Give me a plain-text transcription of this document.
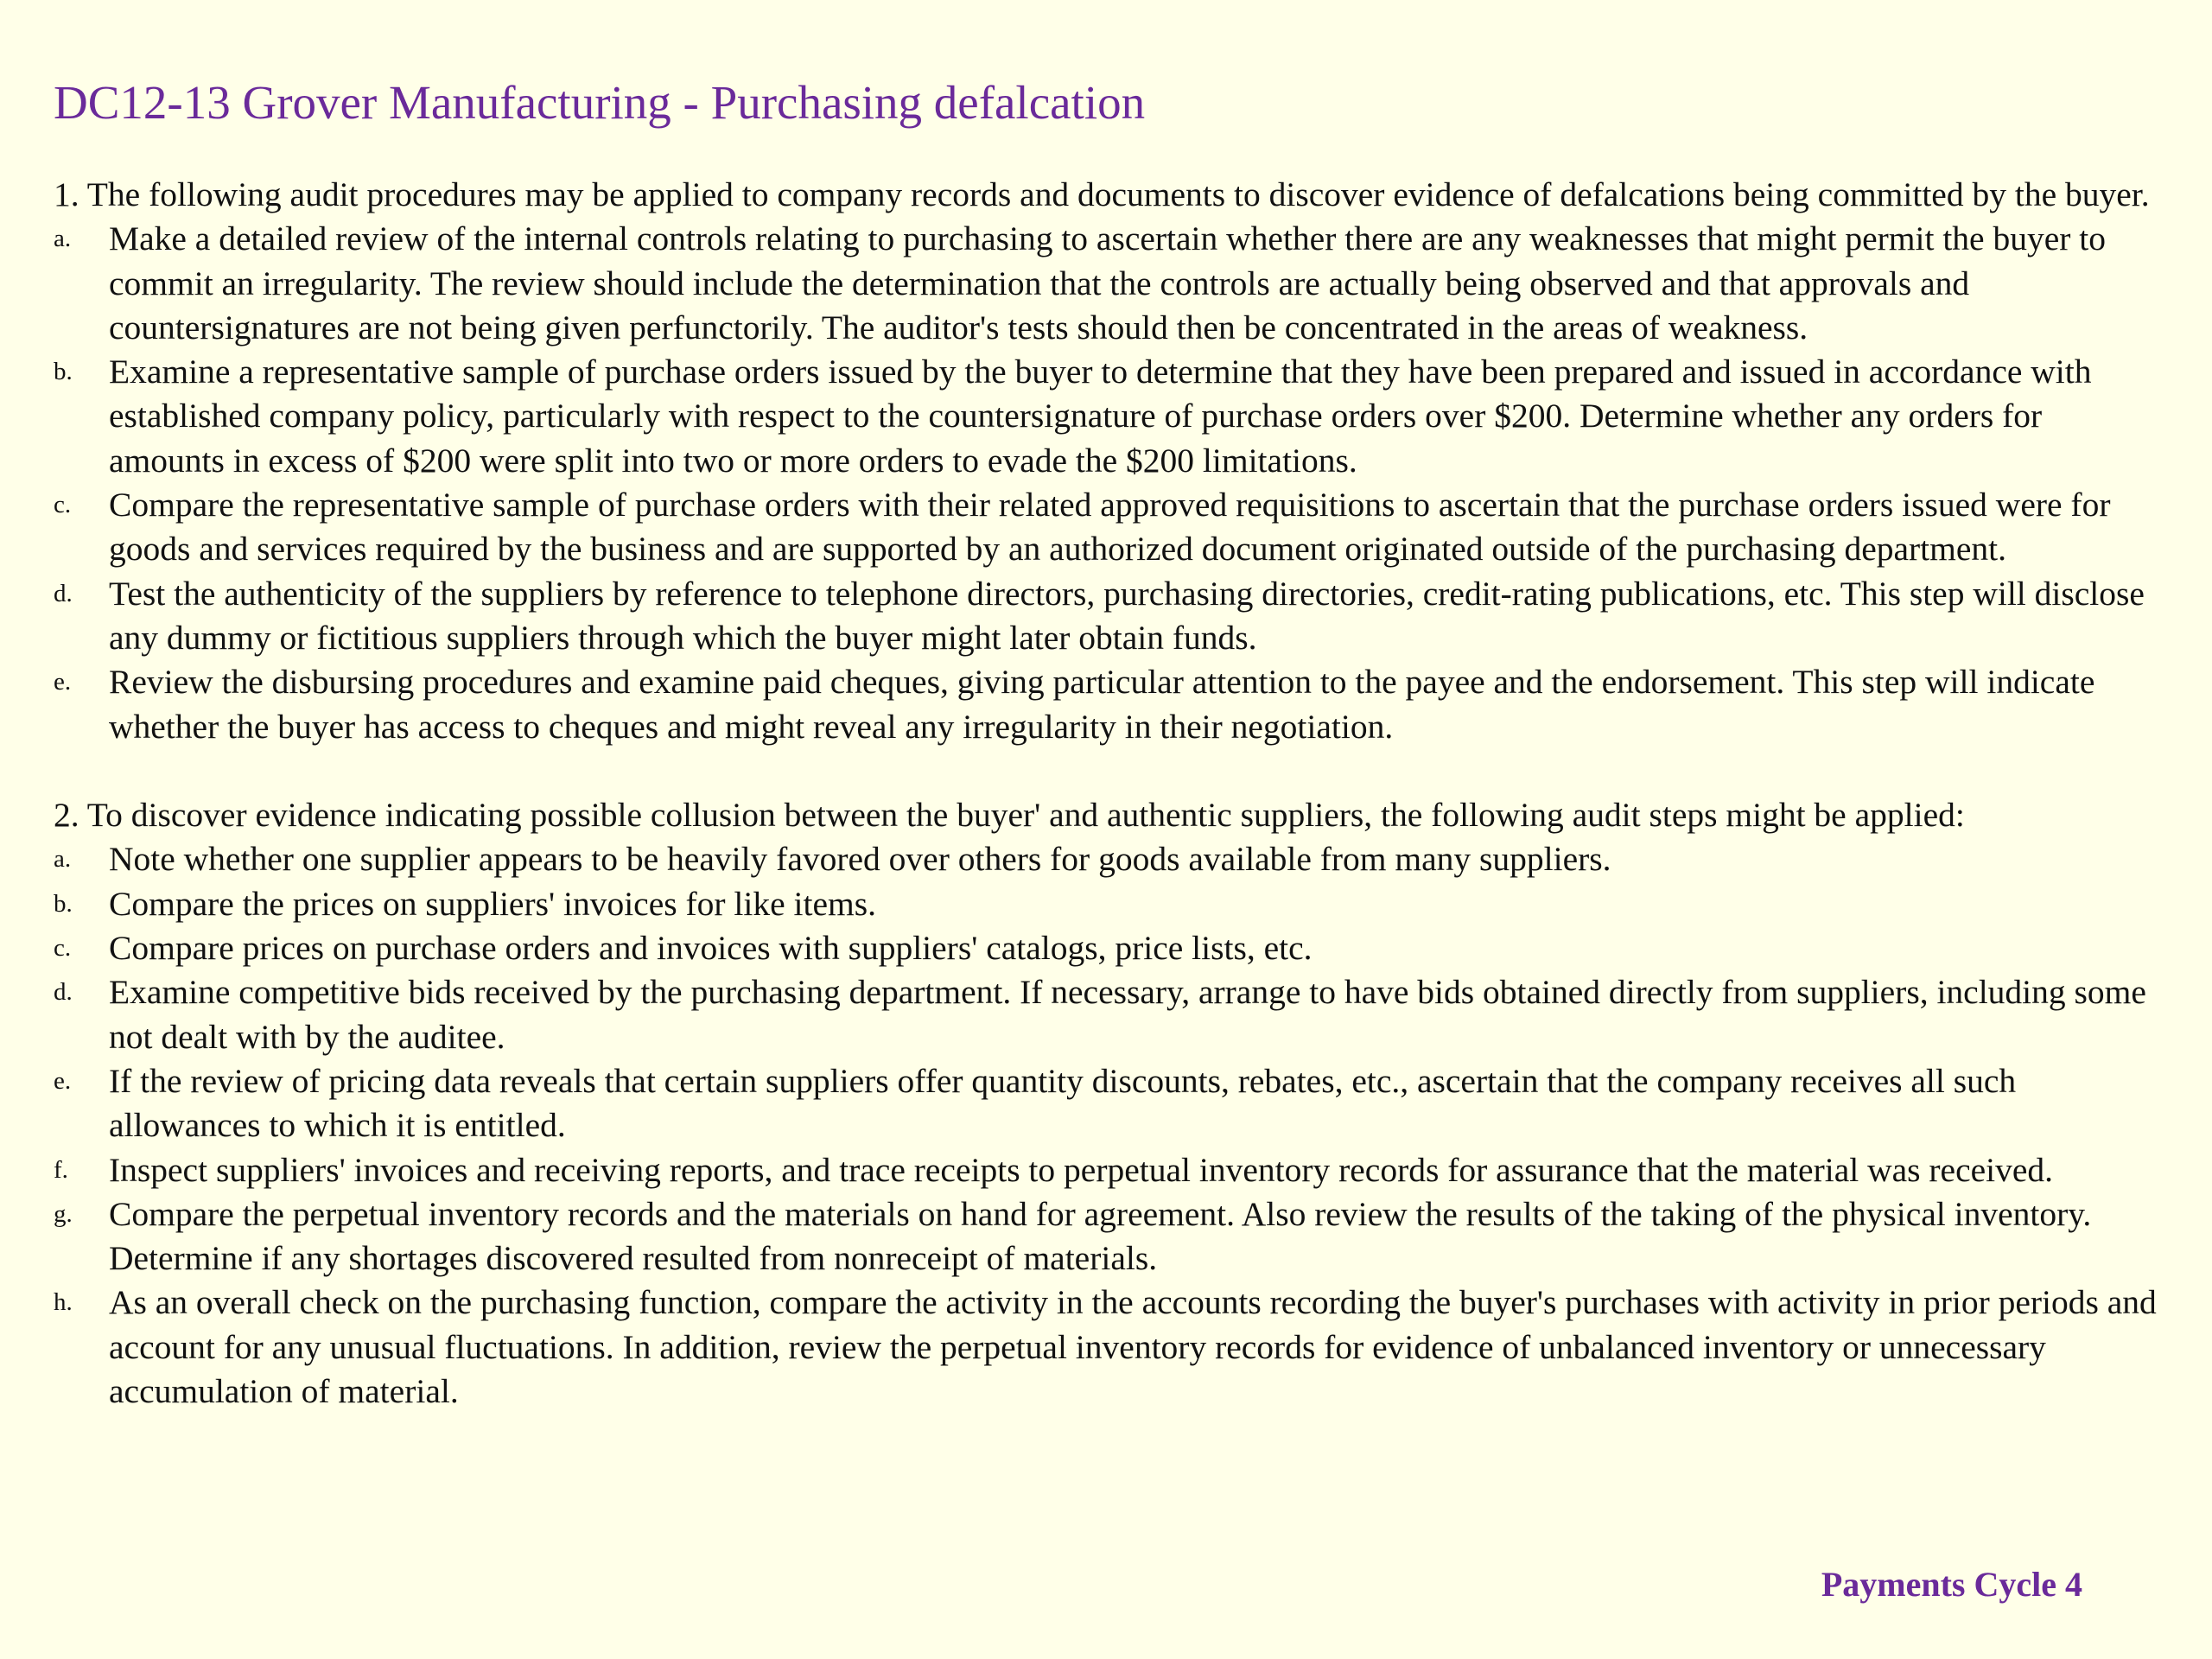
DC12-13 Grover Manufacturing - Purchasing defalcation

1. The following audit procedures may be applied to company records and documents to discover evidence of defalcations being committed by the buyer.

a. Make a detailed review of the internal controls relating to purchasing to ascertain whether there are any weaknesses that might permit the buyer to commit an irregularity. The review should include the determination that the controls are actually being observed and that approvals and countersignatures are not being given perfunctorily. The auditor's tests should then be concentrated in the areas of weakness.
b. Examine a representative sample of purchase orders issued by the buyer to determine that they have been prepared and issued in accordance with established company policy, particularly with respect to the countersignature of purchase orders over $200. Determine whether any orders for amounts in excess of $200 were split into two or more orders to evade the $200 limitations.
c. Compare the representative sample of purchase orders with their related approved requisitions to ascertain that the purchase orders issued were for goods and services required by the business and are supported by an authorized document originated outside of the purchasing department.
d. Test the authenticity of the suppliers by reference to telephone directors, purchasing directories, credit-rating publications, etc. This step will disclose any dummy or fictitious suppliers through which the buyer might later obtain funds.
e. Review the disbursing procedures and examine paid cheques, giving particular attention to the payee and the endorsement. This step will indicate whether the buyer has access to cheques and might reveal any irregularity in their negotiation.

2. To discover evidence indicating possible collusion between the buyer' and authentic suppliers, the following audit steps might be applied:

a. Note whether one supplier appears to be heavily favored over others for goods available from many suppliers.
b. Compare the prices on suppliers' invoices for like items.
c. Compare prices on purchase orders and invoices with suppliers' catalogs, price lists, etc.
d. Examine competitive bids received by the purchasing department. If necessary, arrange to have bids obtained directly from suppliers, including some not dealt with by the auditee.
e. If the review of pricing data reveals that certain suppliers offer quantity discounts, rebates, etc., ascertain that the company receives all such allowances to which it is entitled.
f. Inspect suppliers' invoices and receiving reports, and trace receipts to perpetual inventory records for assurance that the material was received.
g. Compare the perpetual inventory records and the materials on hand for agreement. Also review the results of the taking of the physical inventory. Determine if any shortages discovered resulted from nonreceipt of materials.
h. As an overall check on the purchasing function, compare the activity in the accounts recording the buyer's purchases with activity in prior periods and account for any unusual fluctuations. In addition, review the perpetual inventory records for evidence of unbalanced inventory or unnecessary accumulation of material.
Payments Cycle 4
